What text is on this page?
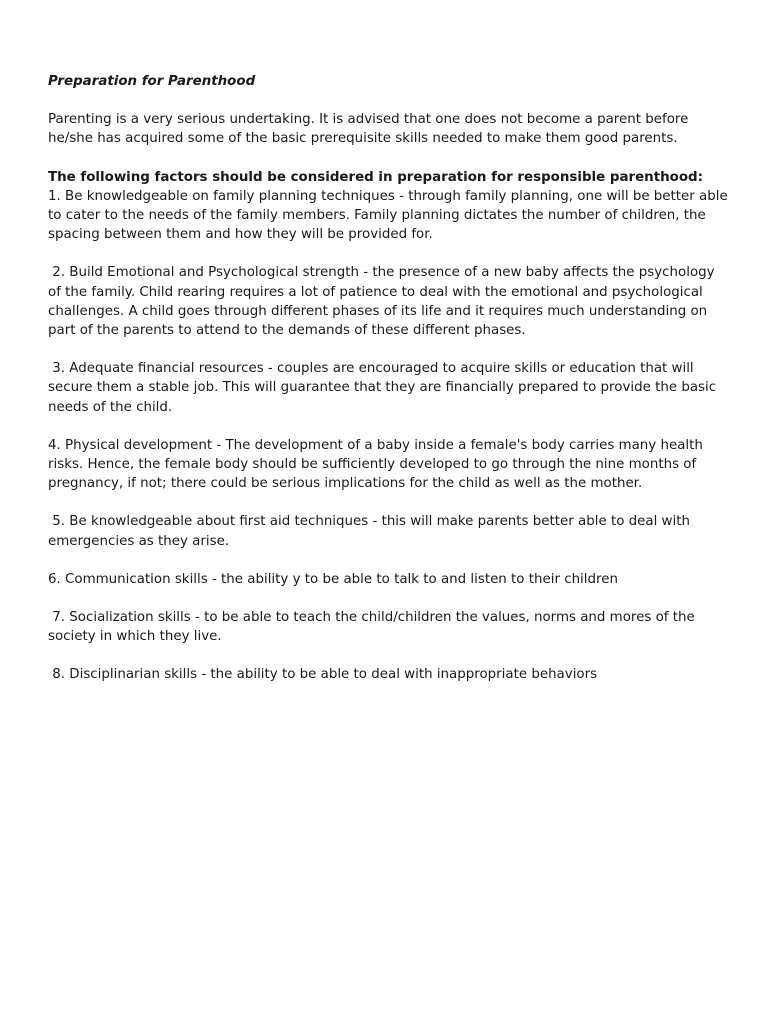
Preparation for Parenthood
Parenting is a very serious undertaking. It is advised that one does not become a parent before he/she has acquired some of the basic prerequisite skills needed to make them good parents.
The following factors should be considered in preparation for responsible parenthood:
1. Be knowledgeable on family planning techniques - through family planning, one will be better able to cater to the needs of the family members. Family planning dictates the number of children, the spacing between them and how they will be provided for.
2. Build Emotional and Psychological strength - the presence of a new baby affects the psychology of the family. Child rearing requires a lot of patience to deal with the emotional and psychological challenges. A child goes through different phases of its life and it requires much understanding on part of the parents to attend to the demands of these different phases.
3. Adequate financial resources - couples are encouraged to acquire skills or education that will secure them a stable job. This will guarantee that they are financially prepared to provide the basic needs of the child.
4. Physical development - The development of a baby inside a female's body carries many health risks. Hence, the female body should be sufficiently developed to go through the nine months of pregnancy, if not; there could be serious implications for the child as well as the mother.
5. Be knowledgeable about first aid techniques - this will make parents better able to deal with emergencies as they arise.
6. Communication skills - the ability y to be able to talk to and listen to their children
7. Socialization skills - to be able to teach the child/children the values, norms and mores of the society in which they live.
8. Disciplinarian skills - the ability to be able to deal with inappropriate behaviors
